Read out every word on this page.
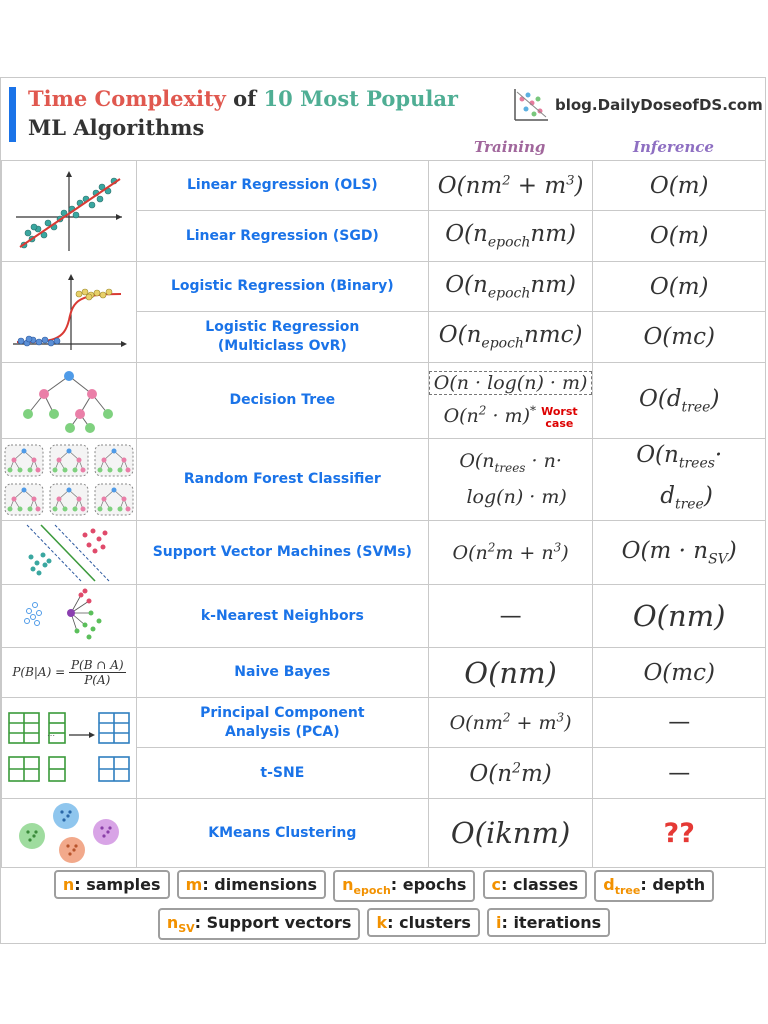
Time Complexity of 10 Most Popular
ML Algorithms
blog.DailyDoseofDS.com
Training	Inference
	Linear Regression (OLS)	$O(nm^2 + m^3)$	O(m)
	Linear Regression (SGD)	$O(n_{epoch}nm)$	O(m)

	Logistic Regression (Binary)	$O(n_{epoch}nm)$	O(m)
	Logistic Regression
(Multiclass OvR)	$O(n_{epoch}nmc)$	O(mc)

	Decision Tree	O(n · log(n) · m)
$O(n^2 \cdot m)^*$ Worst
case	$O(d_{tree})$

	Random Forest Classifier	$O(n_{trees} \cdot n\cdot$
log(n) · m)	$O(n_{trees}\cdot$
$d_{tree}$)

	Support Vector Machines (SVMs)	$O(n^2m + n^3)$	$O(m \cdot n_{SV})$

	k-Nearest Neighbors	—	O(nm)
$P(B|A) = \frac{P(B \cap A)}{P(A)}$	Naive Bayes	O(nm)	O(mc)

⋯	Principal Component
Analysis (PCA)	$O(nm^2 + m^3)$	—
	t-SNE	$O(n^2m)$	—

	KMeans Clustering	O(iknm)	??
n: samples m: dimensions $n_{epoch}$: epochs c: classes $d_{tree}$: depth
$n_{SV}$: Support vectors k: clusters i: iterations
